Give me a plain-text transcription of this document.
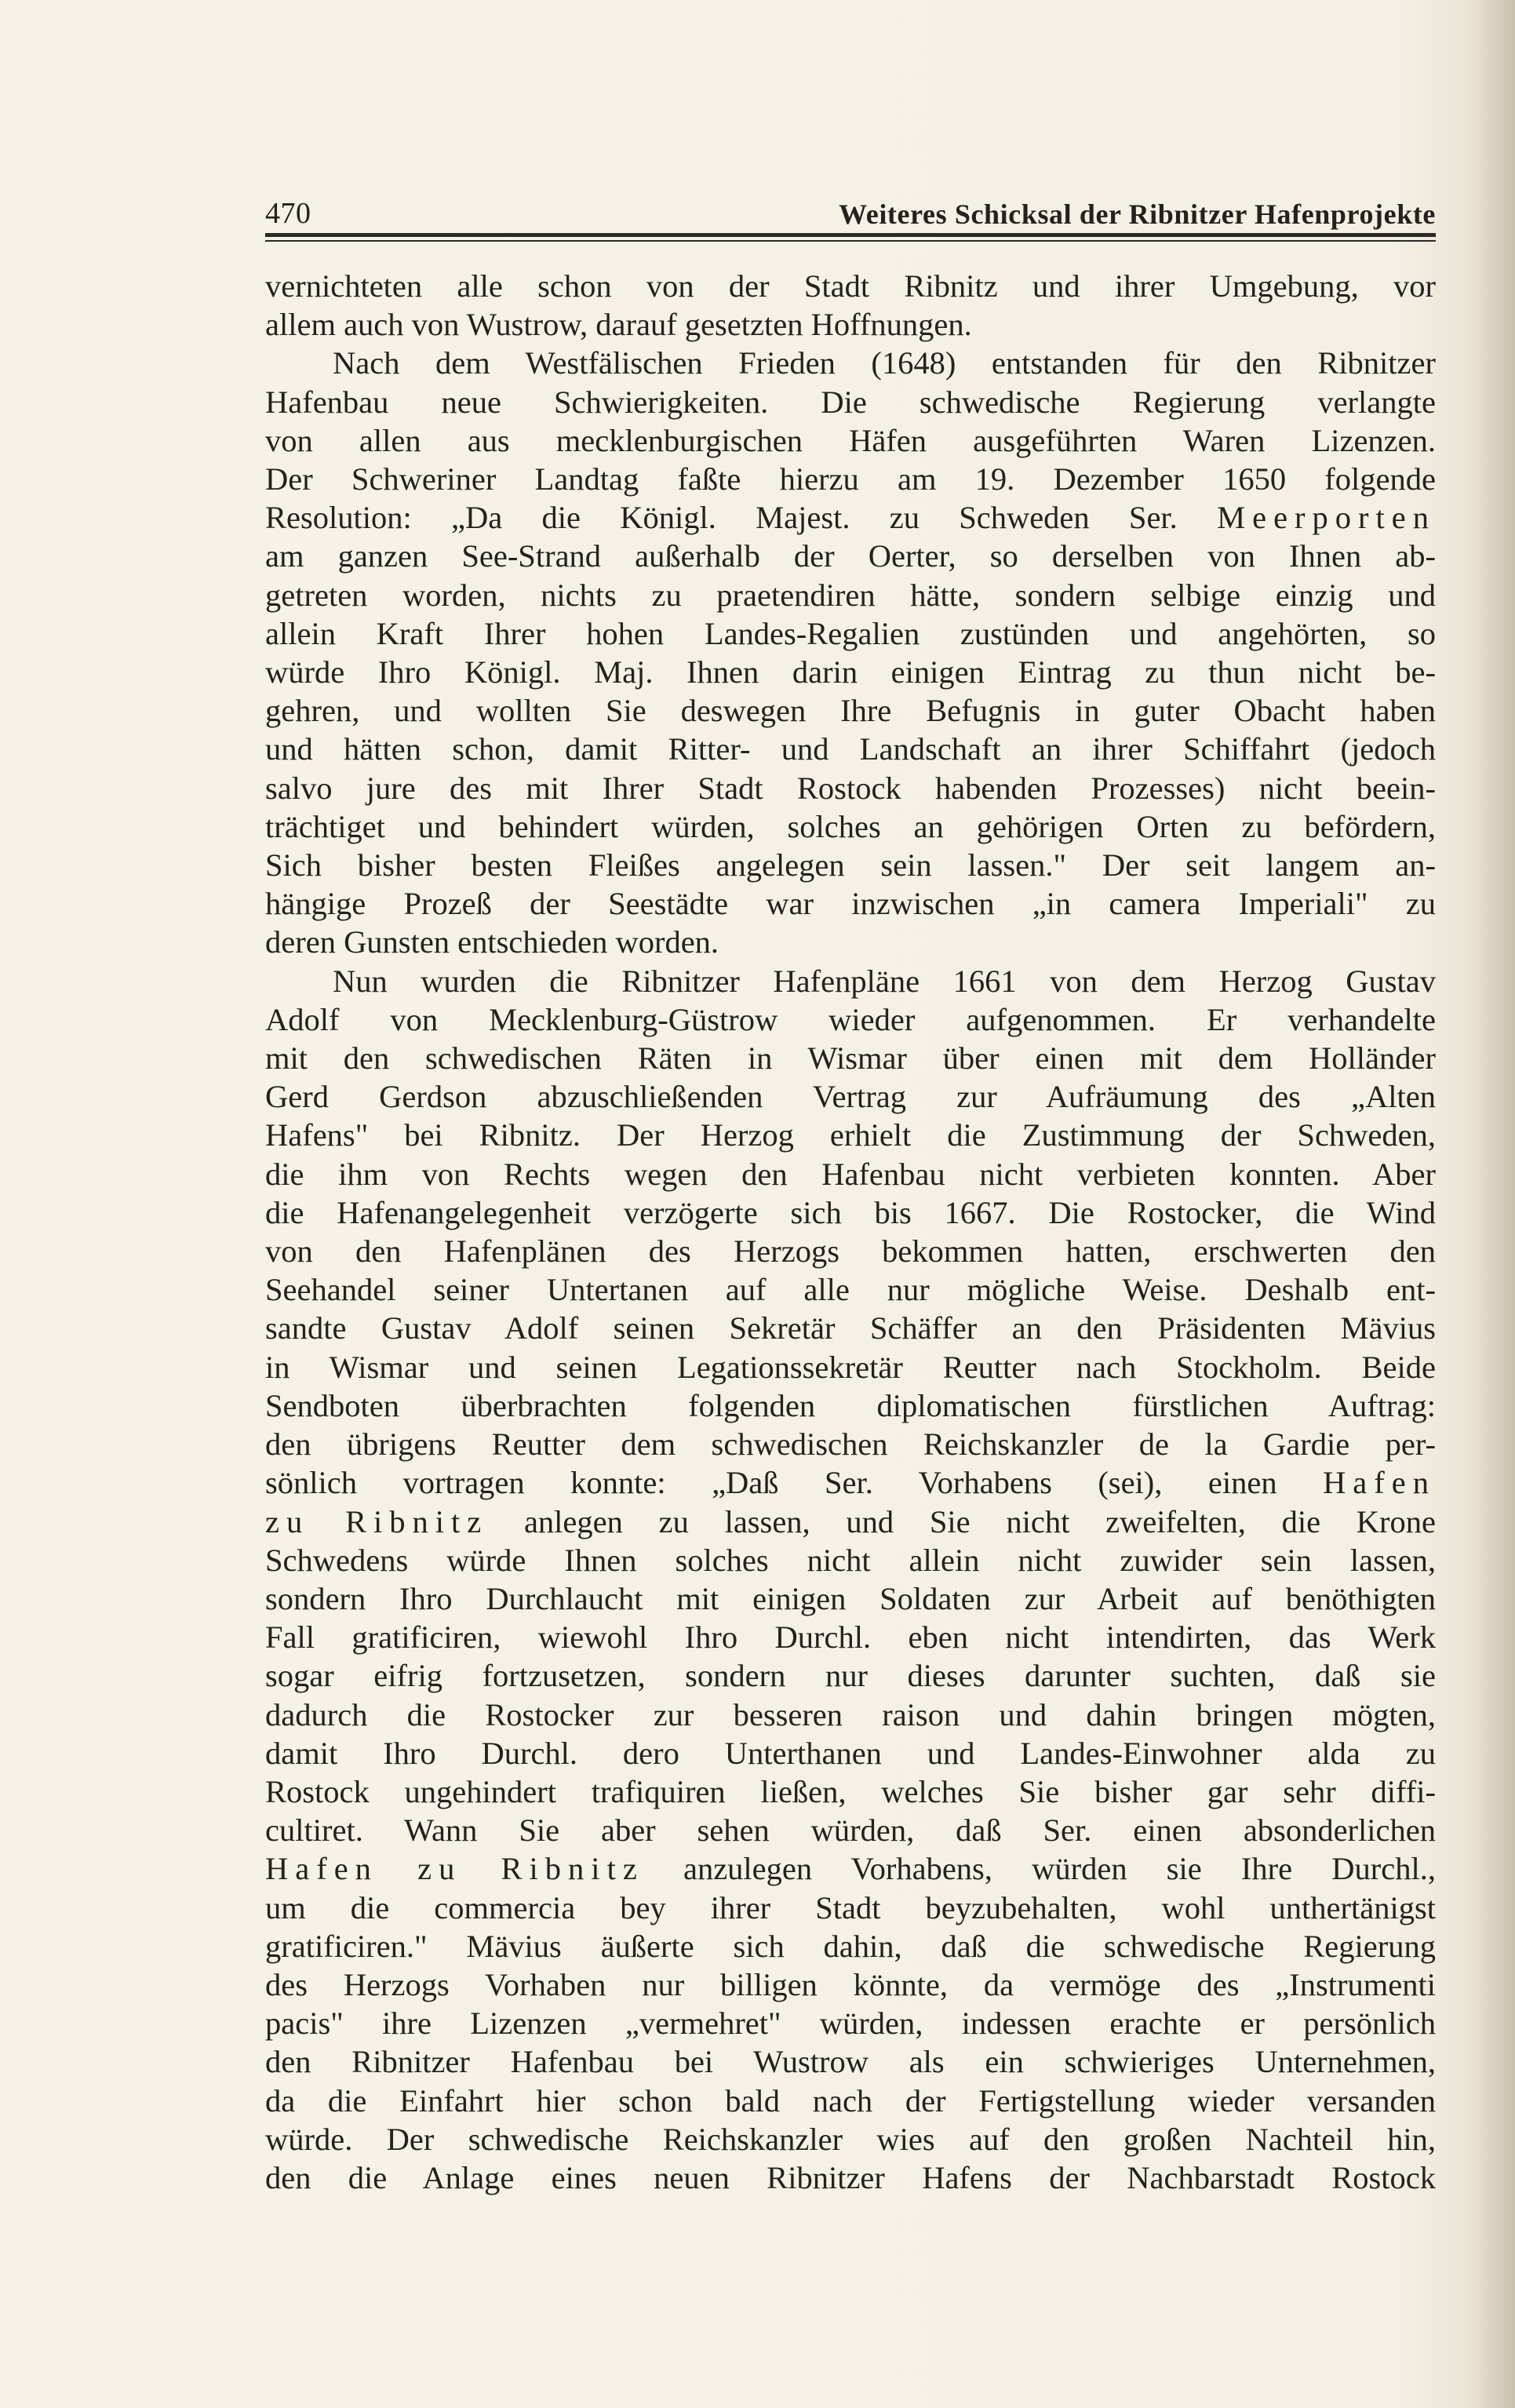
470	Weiteres Schicksal der Ribnitzer Hafenprojekte

vernichteten alle schon von der Stadt Ribnitz und ihrer Umgebung, vor

allem auch von Wustrow, darauf gesetzten Hoffnungen.

Nach dem Westfälischen Frieden (1648) entstanden für den Ribnitzer

Hafenbau neue Schwierigkeiten. Die schwedische Regierung verlangte

von allen aus mecklenburgischen Häfen ausgeführten Waren Lizenzen.

Der Schweriner Landtag faßte hierzu am 19. Dezember 1650 folgende

Resolution: „Da die Königl. Majest. zu Schweden Ser. Meerporten

am ganzen See-Strand außerhalb der Oerter, so derselben von Ihnen ab-

getreten worden, nichts zu praetendiren hätte, sondern selbige einzig und

allein Kraft Ihrer hohen Landes-Regalien zustünden und angehörten, so

würde Ihro Königl. Maj. Ihnen darin einigen Eintrag zu thun nicht be-

gehren, und wollten Sie deswegen Ihre Befugnis in guter Obacht haben

und hätten schon, damit Ritter- und Landschaft an ihrer Schiffahrt (jedoch

salvo jure des mit Ihrer Stadt Rostock habenden Prozesses) nicht beein-

trächtiget und behindert würden, solches an gehörigen Orten zu befördern,

Sich bisher besten Fleißes angelegen sein lassen." Der seit langem an-

hängige Prozeß der Seestädte war inzwischen „in camera Imperiali" zu

deren Gunsten entschieden worden.

Nun wurden die Ribnitzer Hafenpläne 1661 von dem Herzog Gustav

Adolf von Mecklenburg-Güstrow wieder aufgenommen. Er verhandelte

mit den schwedischen Räten in Wismar über einen mit dem Holländer

Gerd Gerdson abzuschließenden Vertrag zur Aufräumung des „Alten

Hafens" bei Ribnitz. Der Herzog erhielt die Zustimmung der Schweden,

die ihm von Rechts wegen den Hafenbau nicht verbieten konnten. Aber

die Hafenangelegenheit verzögerte sich bis 1667. Die Rostocker, die Wind

von den Hafenplänen des Herzogs bekommen hatten, erschwerten den

Seehandel seiner Untertanen auf alle nur mögliche Weise. Deshalb ent-

sandte Gustav Adolf seinen Sekretär Schäffer an den Präsidenten Mävius

in Wismar und seinen Legationssekretär Reutter nach Stockholm. Beide

Sendboten überbrachten folgenden diplomatischen fürstlichen Auftrag:

den übrigens Reutter dem schwedischen Reichskanzler de la Gardie per-

sönlich vortragen konnte: „Daß Ser. Vorhabens (sei), einen Hafen

zu Ribnitz anlegen zu lassen, und Sie nicht zweifelten, die Krone

Schwedens würde Ihnen solches nicht allein nicht zuwider sein lassen,

sondern Ihro Durchlaucht mit einigen Soldaten zur Arbeit auf benöthigten

Fall gratificiren, wiewohl Ihro Durchl. eben nicht intendirten, das Werk

sogar eifrig fortzusetzen, sondern nur dieses darunter suchten, daß sie

dadurch die Rostocker zur besseren raison und dahin bringen mögten,

damit Ihro Durchl. dero Unterthanen und Landes-Einwohner alda zu

Rostock ungehindert trafiquiren ließen, welches Sie bisher gar sehr diffi-

cultiret. Wann Sie aber sehen würden, daß Ser. einen absonderlichen

Hafen zu Ribnitz anzulegen Vorhabens, würden sie Ihre Durchl.,

um die commercia bey ihrer Stadt beyzubehalten, wohl unthertänigst

gratificiren." Mävius äußerte sich dahin, daß die schwedische Regierung

des Herzogs Vorhaben nur billigen könnte, da vermöge des „Instrumenti

pacis" ihre Lizenzen „vermehret" würden, indessen erachte er persönlich

den Ribnitzer Hafenbau bei Wustrow als ein schwieriges Unternehmen,

da die Einfahrt hier schon bald nach der Fertigstellung wieder versanden

würde. Der schwedische Reichskanzler wies auf den großen Nachteil hin,

den die Anlage eines neuen Ribnitzer Hafens der Nachbarstadt Rostock
